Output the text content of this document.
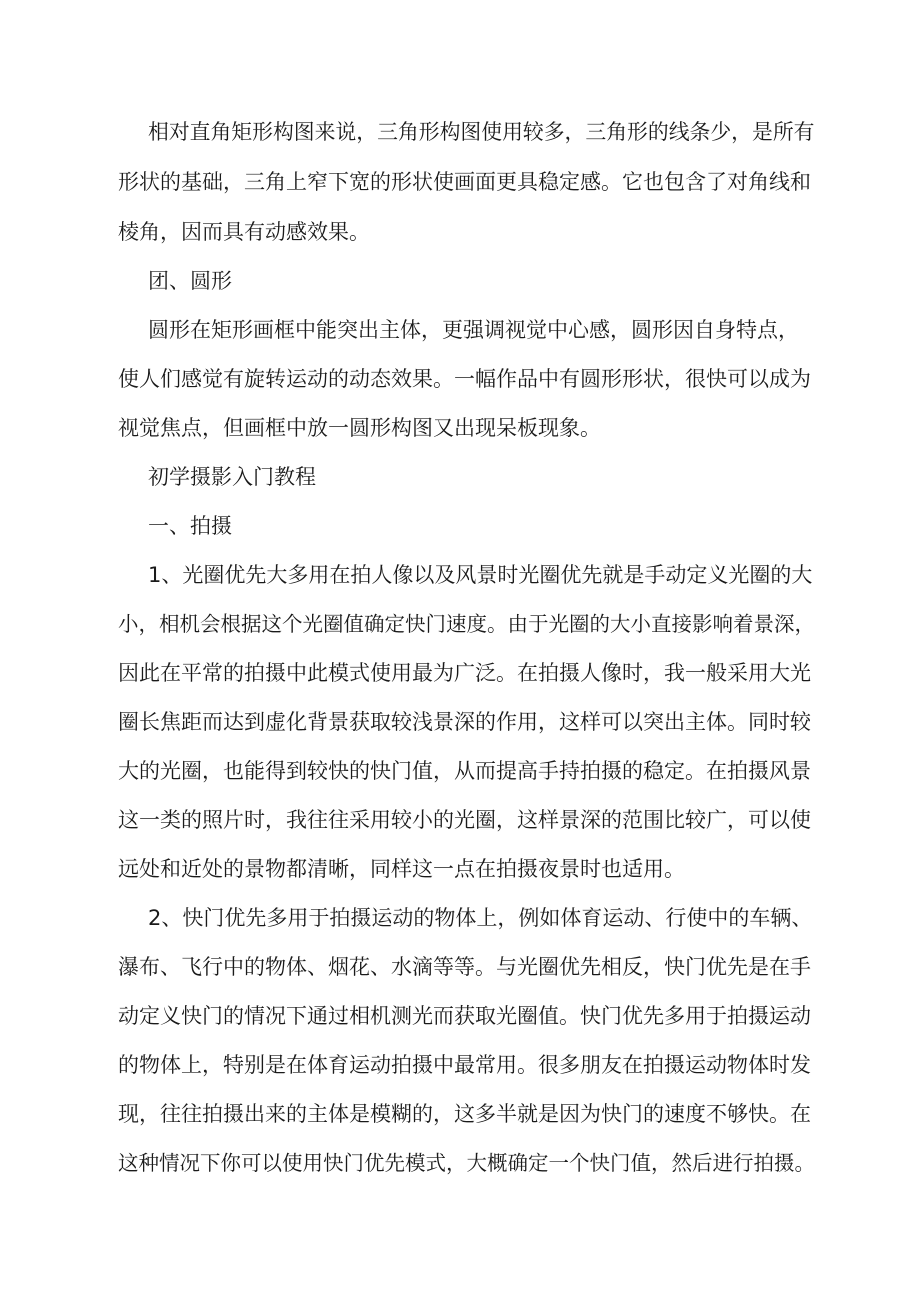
相对直角矩形构图来说，三角形构图使用较多，三角形的线条少，是所有
形状的基础，三角上窄下宽的形状使画面更具稳定感。它也包含了对角线和
棱角，因而具有动感效果。
团、圆形
圆形在矩形画框中能突出主体，更强调视觉中心感，圆形因自身特点，
使人们感觉有旋转运动的动态效果。一幅作品中有圆形形状，很快可以成为
视觉焦点，但画框中放一圆形构图又出现呆板现象。
初学摄影入门教程
一、拍摄
1、光圈优先大多用在拍人像以及风景时光圈优先就是手动定义光圈的大
小，相机会根据这个光圈值确定快门速度。由于光圈的大小直接影响着景深，
因此在平常的拍摄中此模式使用最为广泛。在拍摄人像时，我一般采用大光
圈长焦距而达到虚化背景获取较浅景深的作用，这样可以突出主体。同时较
大的光圈，也能得到较快的快门值，从而提高手持拍摄的稳定。在拍摄风景
这一类的照片时，我往往采用较小的光圈，这样景深的范围比较广，可以使
远处和近处的景物都清晰，同样这一点在拍摄夜景时也适用。
2、快门优先多用于拍摄运动的物体上，例如体育运动、行使中的车辆、
瀑布、飞行中的物体、烟花、水滴等等。与光圈优先相反，快门优先是在手
动定义快门的情况下通过相机测光而获取光圈值。快门优先多用于拍摄运动
的物体上，特别是在体育运动拍摄中最常用。很多朋友在拍摄运动物体时发
现，往往拍摄出来的主体是模糊的，这多半就是因为快门的速度不够快。在
这种情况下你可以使用快门优先模式，大概确定一个快门值，然后进行拍摄。
